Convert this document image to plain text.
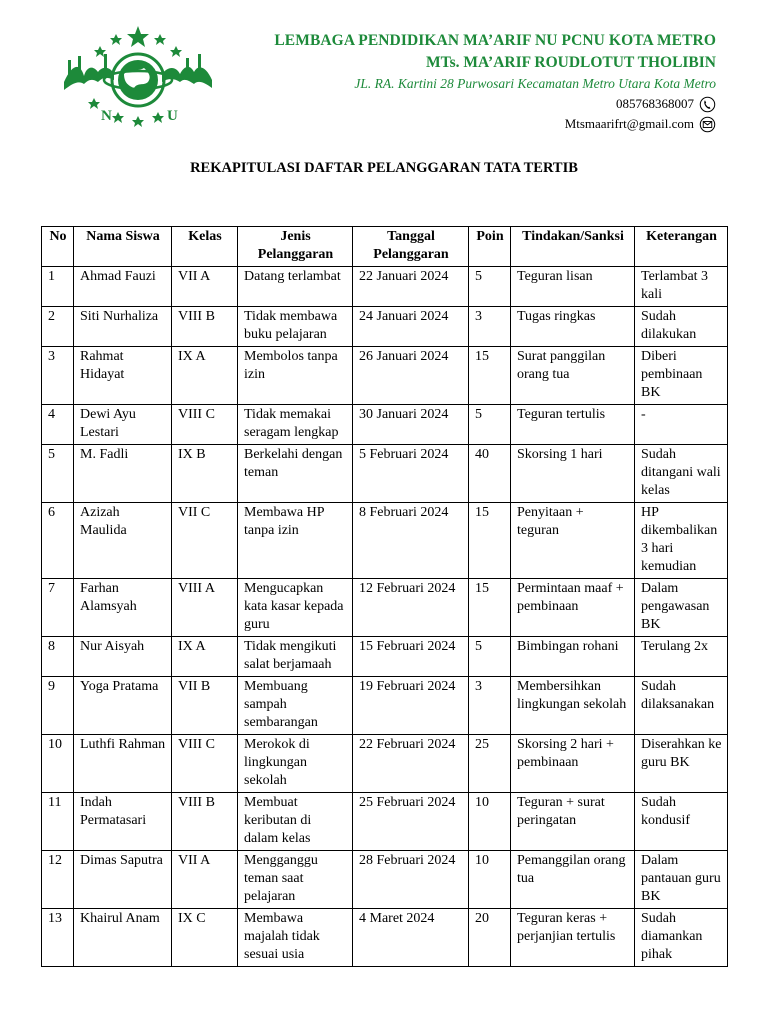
N	U
LEMBAGA PENDIDIKAN MA’ARIF NU PCNU KOTA METRO
MTs. MA’ARIF ROUDLOTUT THOLIBIN
JL. RA. Kartini 28 Purwosari Kecamatan Metro Utara Kota Metro
085768368007
Mtsmaarifrt@gmail.com
REKAPITULASI DAFTAR PELANGGARAN TATA TERTIB
No	Nama Siswa	Kelas	Jenis Pelanggaran	Tanggal Pelanggaran	Poin	Tindakan/Sanksi	Keterangan
1	Ahmad Fauzi	VII A	Datang terlambat	22 Januari 2024	5	Teguran lisan	Terlambat 3 kali
2	Siti Nurhaliza	VIII B	Tidak membawa buku pelajaran	24 Januari 2024	3	Tugas ringkas	Sudah dilakukan
3	Rahmat Hidayat	IX A	Membolos tanpa izin	26 Januari 2024	15	Surat panggilan orang tua	Diberi pembinaan BK
4	Dewi Ayu Lestari	VIII C	Tidak memakai seragam lengkap	30 Januari 2024	5	Teguran tertulis	-
5	M. Fadli	IX B	Berkelahi dengan teman	5 Februari 2024	40	Skorsing 1 hari	Sudah ditangani wali kelas
6	Azizah Maulida	VII C	Membawa HP tanpa izin	8 Februari 2024	15	Penyitaan + teguran	HP dikembalikan 3 hari kemudian
7	Farhan Alamsyah	VIII A	Mengucapkan kata kasar kepada guru	12 Februari 2024	15	Permintaan maaf + pembinaan	Dalam pengawasan BK
8	Nur Aisyah	IX A	Tidak mengikuti salat berjamaah	15 Februari 2024	5	Bimbingan rohani	Terulang 2x
9	Yoga Pratama	VII B	Membuang sampah sembarangan	19 Februari 2024	3	Membersihkan lingkungan sekolah	Sudah dilaksanakan
10	Luthfi Rahman	VIII C	Merokok di lingkungan sekolah	22 Februari 2024	25	Skorsing 2 hari + pembinaan	Diserahkan ke guru BK
11	Indah Permatasari	VIII B	Membuat keributan di dalam kelas	25 Februari 2024	10	Teguran + surat peringatan	Sudah kondusif
12	Dimas Saputra	VII A	Mengganggu teman saat pelajaran	28 Februari 2024	10	Pemanggilan orang tua	Dalam pantauan guru BK
13	Khairul Anam	IX C	Membawa majalah tidak sesuai usia	4 Maret 2024	20	Teguran keras + perjanjian tertulis	Sudah diamankan pihak
